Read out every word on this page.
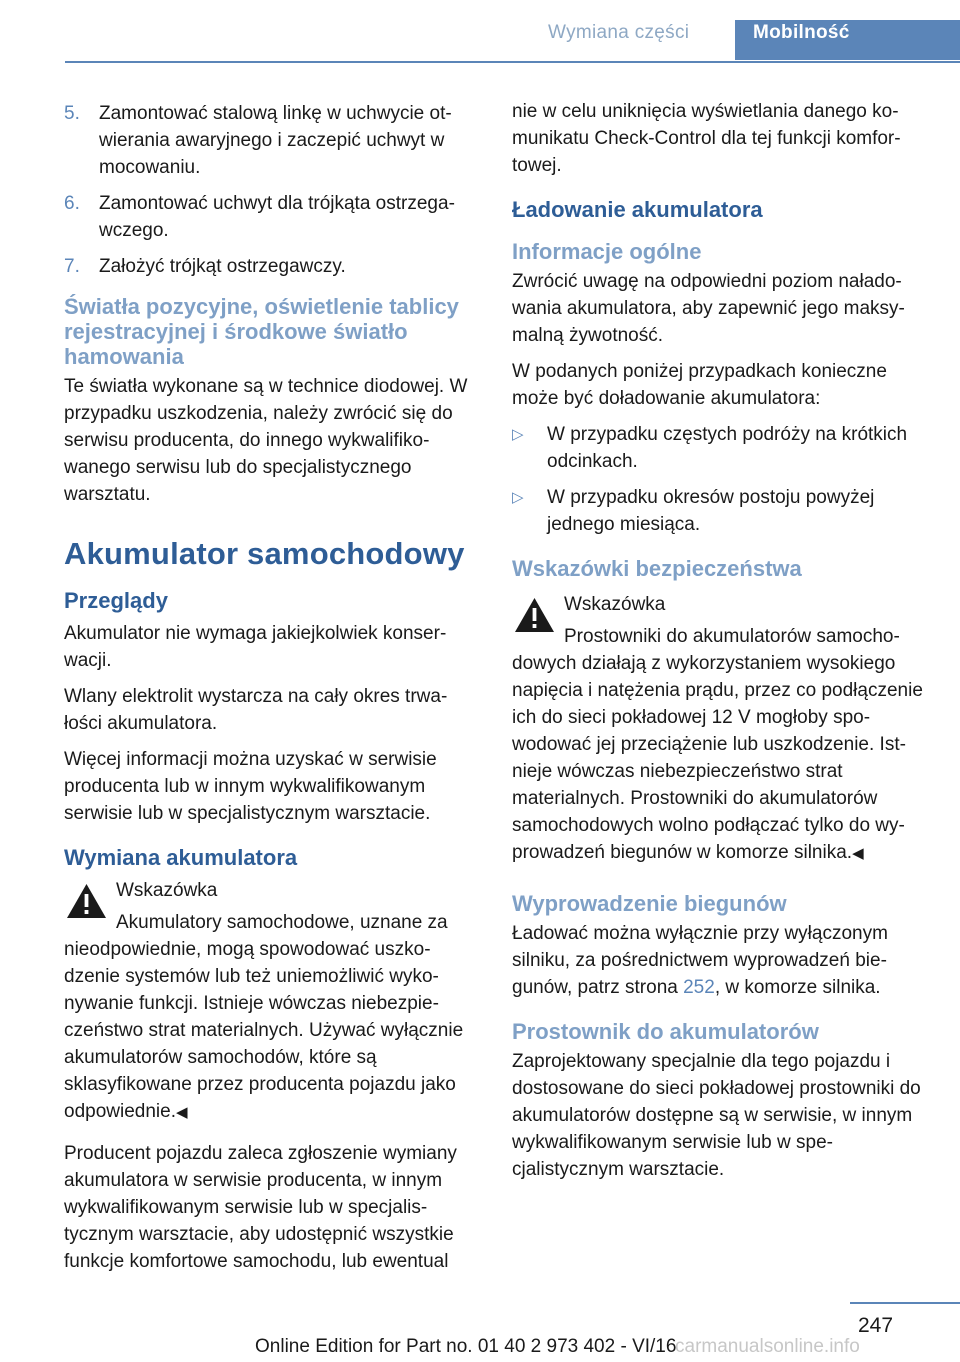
Wymiana części	Mobilność
5. Zamontować stalową linkę w uchwycie otwierania awaryjnego i zaczepić uchwyt w mocowaniu.
6. Zamontować uchwyt dla trójkąta ostrzegawczego.
7. Założyć trójkąt ostrzegawczy.
Światła pozycyjne, oświetlenie tablicy rejestracyjnej i środkowe światło hamowania

Te światła wykonane są w technice diodowej. W przypadku uszkodzenia, należy zwrócić się do serwisu producenta, do innego wykwalifikowanego serwisu lub do specjalistycznego warsztatu.

Akumulator samochodowy
Przeglądy

Akumulator nie wymaga jakiejkolwiek konserwacji.

Wlany elektrolit wystarcza na cały okres trwałości akumulatora.

Więcej informacji można uzyskać w serwisie producenta lub w innym wykwalifikowanym serwisie lub w specjalistycznym warsztacie.

Wymiana akumulatora
Wskazówka
Akumulatory samochodowe, uznane za nieodpowiednie, mogą spowodować uszkodzenie systemów lub też uniemożliwić wykonywanie funkcji. Istnieje wówczas niebezpieczeństwo strat materialnych. Używać wyłącznie akumulatorów samochodów, które są sklasyfikowane przez producenta pojazdu jako odpowiednie.◀

Producent pojazdu zaleca zgłoszenie wymiany akumulatora w serwisie producenta, w innym wykwalifikowanym serwisie lub w specjalistycznym warsztacie, aby udostępnić wszystkie funkcje komfortowe samochodu, lub ewentual

nie w celu uniknięcia wyświetlania danego komunikatu Check-Control dla tej funkcji komfortowej.

Ładowanie akumulatora
Informacje ogólne

Zwrócić uwagę na odpowiedni poziom naładowania akumulatora, aby zapewnić jego maksymalną żywotność.

W podanych poniżej przypadkach konieczne może być doładowanie akumulatora:

▷ W przypadku częstych podróży na krótkich odcinkach.
▷ W przypadku okresów postoju powyżej jednego miesiąca.
Wskazówki bezpieczeństwa
Wskazówka
Prostowniki do akumulatorów samochodowych działają z wykorzystaniem wysokiego napięcia i natężenia prądu, przez co podłączenie ich do sieci pokładowej 12 V mogłoby spowodować jej przeciążenie lub uszkodzenie. Istnieje wówczas niebezpieczeństwo strat materialnych. Prostowniki do akumulatorów samochodowych wolno podłączać tylko do wyprowadzeń biegunów w komorze silnika.◀
Wyprowadzenie biegunów

Ładować można wyłącznie przy wyłączonym silniku, za pośrednictwem wyprowadzeń biegunów, patrz strona 252, w komorze silnika.

Prostownik do akumulatorów

Zaprojektowany specjalnie dla tego pojazdu i dostosowane do sieci pokładowej prostowniki do akumulatorów dostępne są w serwisie, w innym wykwalifikowanym serwisie lub w specjalistycznym warsztacie.

247
Online Edition for Part no. 01 40 2 973 402 - VI/16
carmanualsonline.info
